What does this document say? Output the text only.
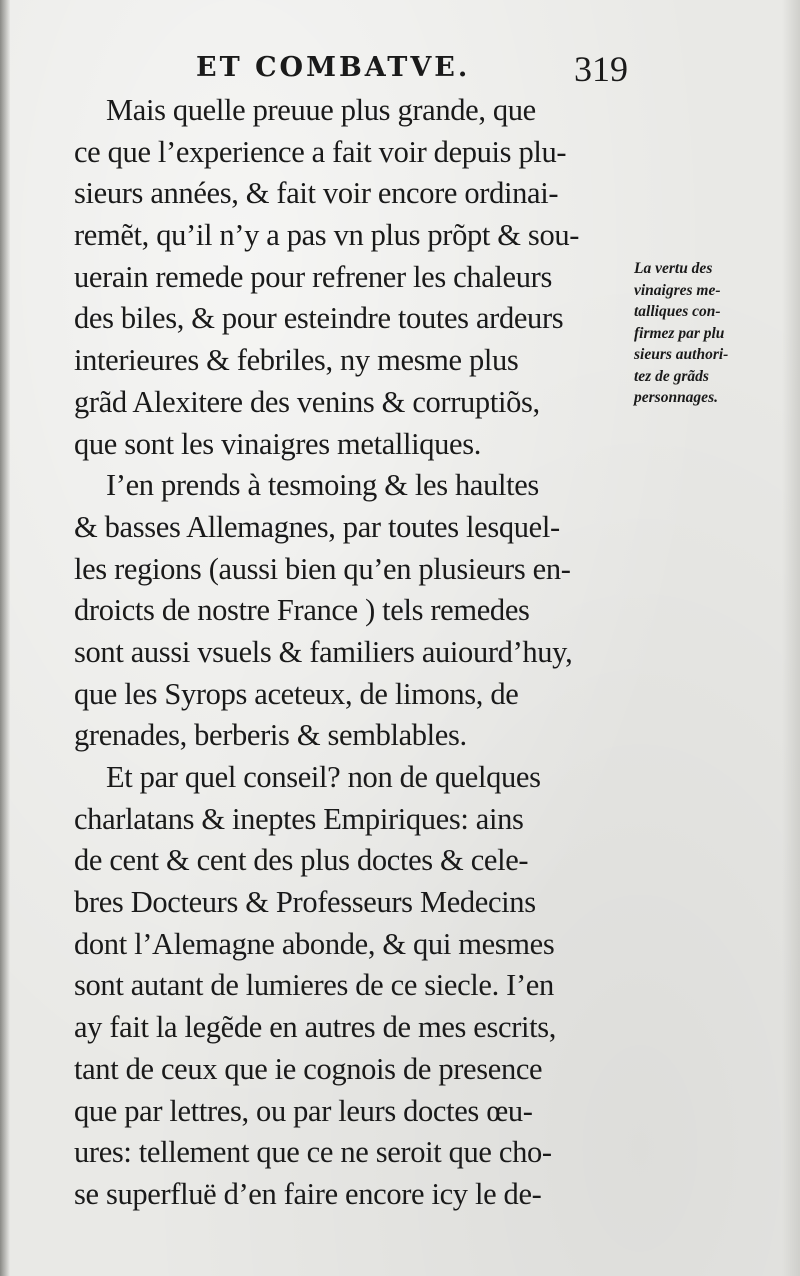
ET COMBATVE.	319
Mais quelle preuue plus grande, que
ce que l’experience a fait voir depuis plu-
sieurs années, & fait voir encore ordinai-
remẽt, qu’il n’y a pas vn plus prõpt & sou-
uerain remede pour refrener les chaleurs
des biles, & pour esteindre toutes ardeurs
interieures & febriles, ny mesme plus
grãd Alexitere des venins & corruptiõs,
que sont les vinaigres metalliques.
I’en prends à tesmoing & les haultes
& basses Allemagnes, par toutes lesquel-
les regions (aussi bien qu’en plusieurs en-
droicts de nostre France ) tels remedes
sont aussi vsuels & familiers auiourd’huy,
que les Syrops aceteux, de limons, de
grenades, berberis & semblables.
Et par quel conseil? non de quelques
charlatans & ineptes Empiriques: ains
de cent & cent des plus doctes & cele-
bres Docteurs & Professeurs Medecins
dont l’Alemagne abonde, & qui mesmes
sont autant de lumieres de ce siecle. I’en
ay fait la legẽde en autres de mes escrits,
tant de ceux que ie cognois de presence
que par lettres, ou par leurs doctes œu-
ures: tellement que ce ne seroit que cho-
se superfluë d’en faire encore icy le de-
La vertu des
vinaigres me-
talliques con-
firmez par plu
sieurs authori-
tez de grãds
personnages.
